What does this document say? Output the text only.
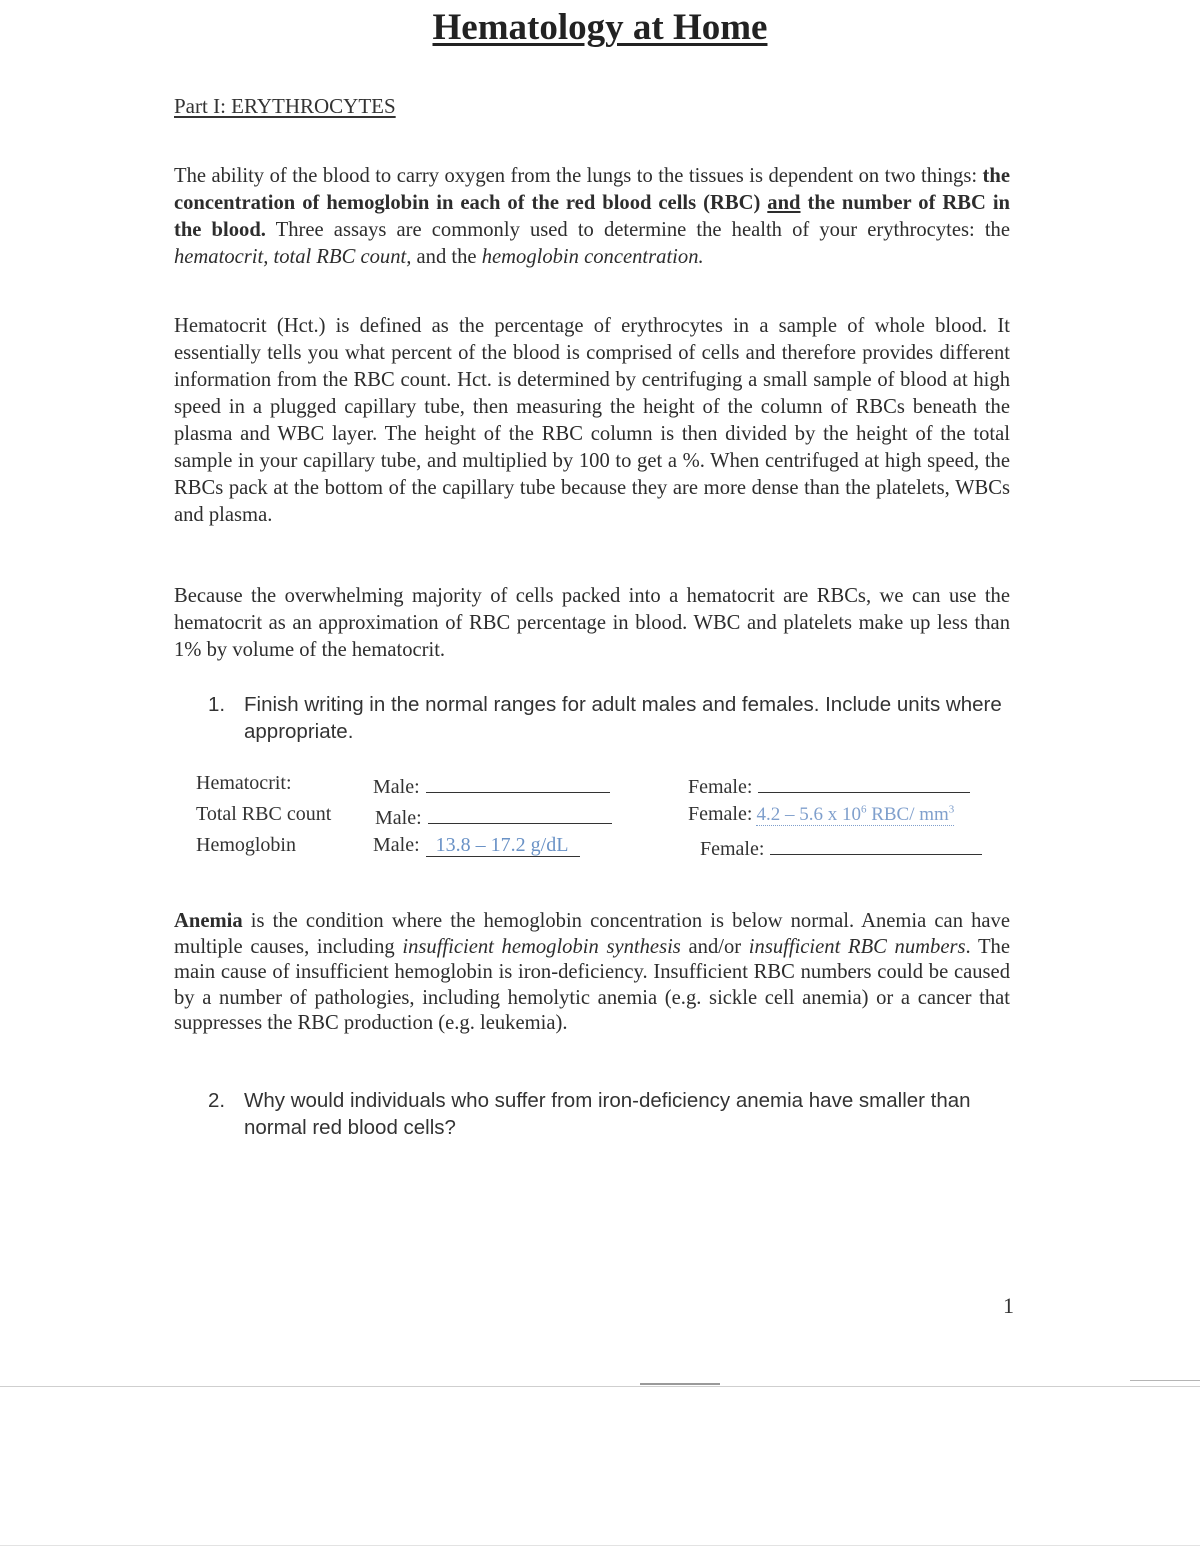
Hematology at Home
Part I: ERYTHROCYTES

The ability of the blood to carry oxygen from the lungs to the tissues is dependent on two things: the concentration of hemoglobin in each of the red blood cells (RBC) and the number of RBC in the blood. Three assays are commonly used to determine the health of your erythrocytes: the hematocrit, total RBC count, and the hemoglobin concentration.

Hematocrit (Hct.) is defined as the percentage of erythrocytes in a sample of whole blood. It essentially tells you what percent of the blood is comprised of cells and therefore provides different information from the RBC count. Hct. is determined by centrifuging a small sample of blood at high speed in a plugged capillary tube, then measuring the height of the column of RBCs beneath the plasma and WBC layer. The height of the RBC column is then divided by the height of the total sample in your capillary tube, and multiplied by 100 to get a %. When centrifuged at high speed, the RBCs pack at the bottom of the capillary tube because they are more dense than the platelets, WBCs and plasma.

Because the overwhelming majority of cells packed into a hematocrit are RBCs, we can use the hematocrit as an approximation of RBC percentage in blood. WBC and platelets make up less than 1% by volume of the hematocrit.

1. Finish writing in the normal ranges for adult males and females. Include units where appropriate.
Hematocrit:	Male:	Female:
Total RBC count Male:	Female: 4.2 – 5.6 x $10^6$ RBC/ $mm^3$
Hemoglobin	Male: 13.8 – 17.2 g/dL	Female:

Anemia is the condition where the hemoglobin concentration is below normal. Anemia can have multiple causes, including insufficient hemoglobin synthesis and/or insufficient RBC numbers. The main cause of insufficient hemoglobin is iron-deficiency. Insufficient RBC numbers could be caused by a number of pathologies, including hemolytic anemia (e.g. sickle cell anemia) or a cancer that suppresses the RBC production (e.g. leukemia).

2. Why would individuals who suffer from iron-deficiency anemia have smaller than normal red blood cells?
1
